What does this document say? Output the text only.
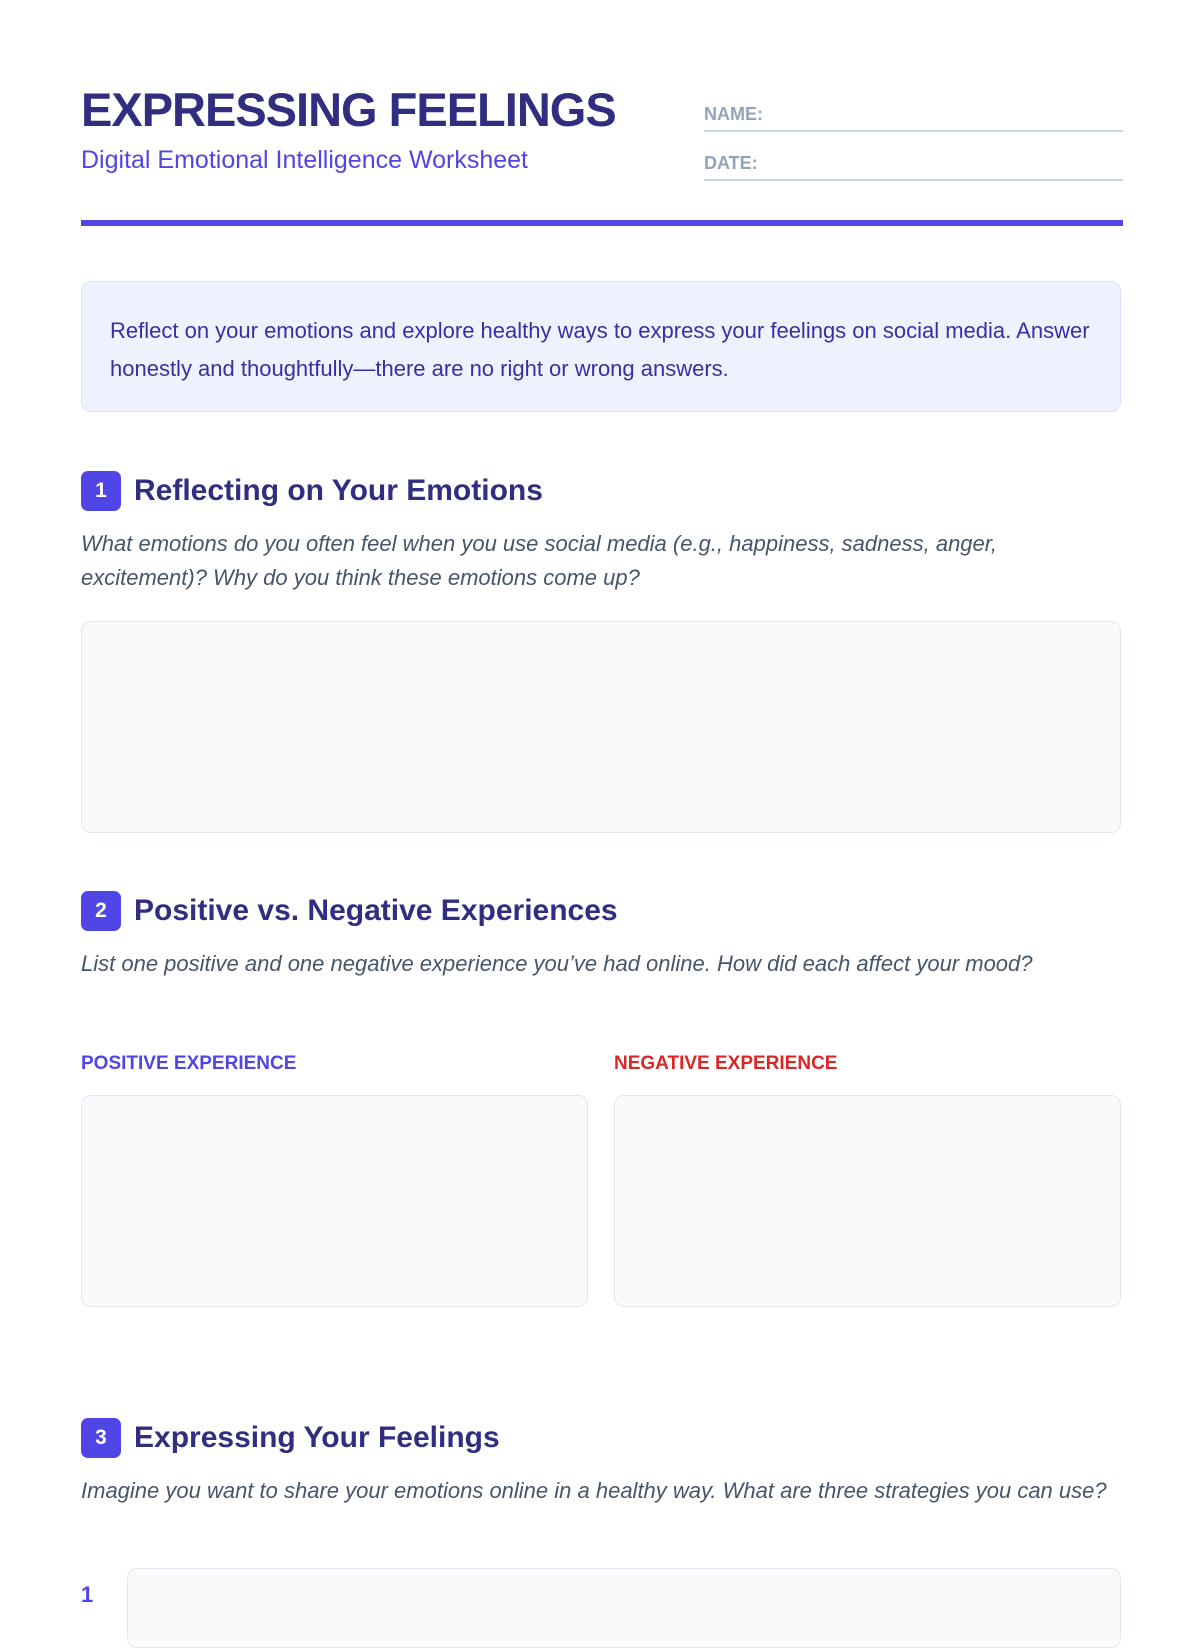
EXPRESSING FEELINGS
Digital Emotional Intelligence Worksheet
NAME:
DATE:
Reflect on your emotions and explore healthy ways to express your feelings on social media. Answer honestly and thoughtfully—there are no right or wrong answers.
1 Reflecting on Your Emotions
What emotions do you often feel when you use social media (e.g., happiness, sadness, anger, excitement)? Why do you think these emotions come up?
2 Positive vs. Negative Experiences
List one positive and one negative experience you’ve had online. How did each affect your mood?
POSITIVE EXPERIENCE	NEGATIVE EXPERIENCE
3 Expressing Your Feelings
Imagine you want to share your emotions online in a healthy way. What are three strategies you can use?
1
